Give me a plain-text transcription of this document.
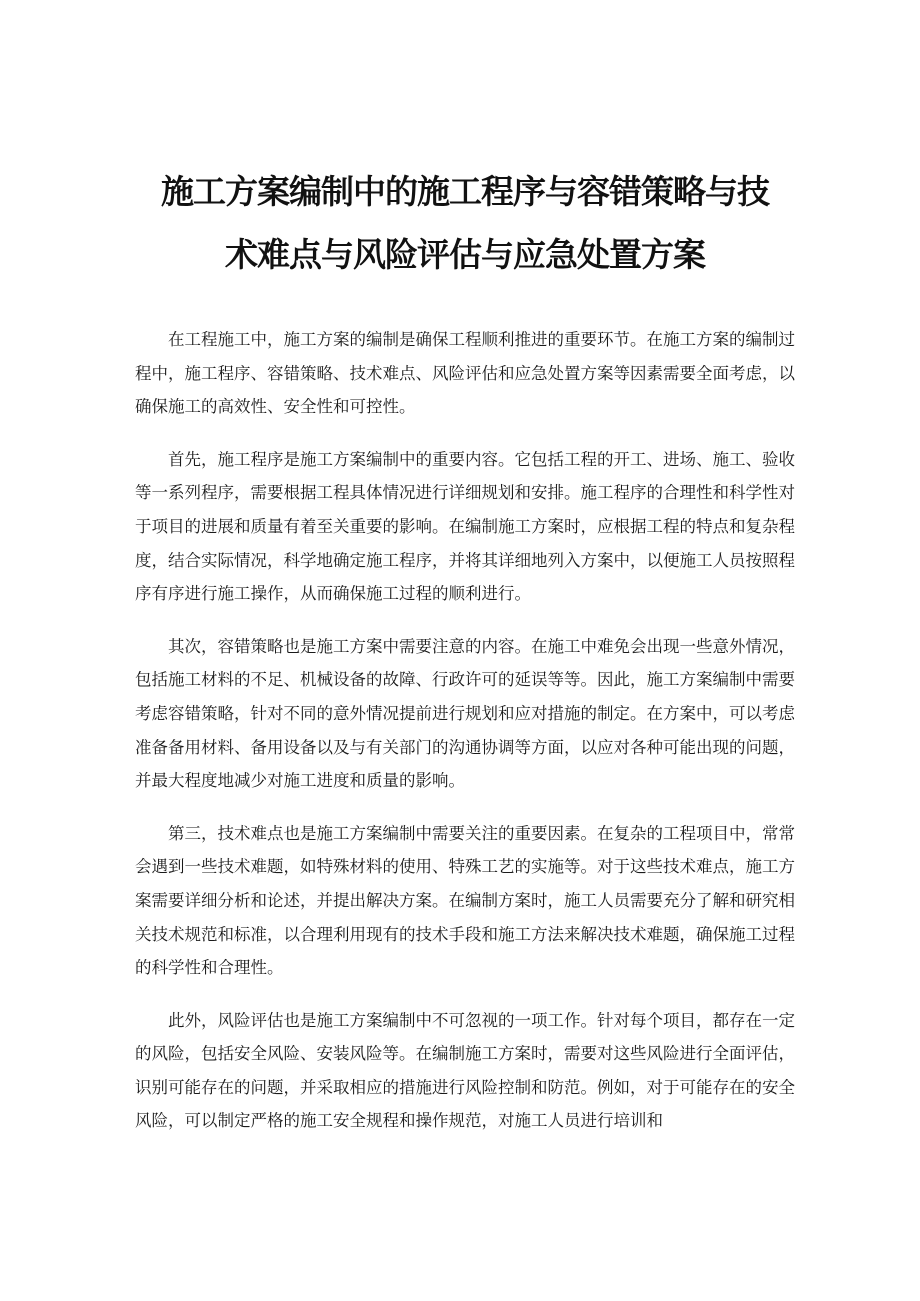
施工方案编制中的施工程序与容错策略与技
术难点与风险评估与应急处置方案

在工程施工中，施工方案的编制是确保工程顺利推进的重要环节。在施工方案的编制过程中，施工程序、容错策略、技术难点、风险评估和应急处置方案等因素需要全面考虑，以确保施工的高效性、安全性和可控性。

首先，施工程序是施工方案编制中的重要内容。它包括工程的开工、进场、施工、验收等一系列程序，需要根据工程具体情况进行详细规划和安排。施工程序的合理性和科学性对于项目的进展和质量有着至关重要的影响。在编制施工方案时，应根据工程的特点和复杂程度，结合实际情况，科学地确定施工程序，并将其详细地列入方案中，以便施工人员按照程序有序进行施工操作，从而确保施工过程的顺利进行。

其次，容错策略也是施工方案中需要注意的内容。在施工中难免会出现一些意外情况，包括施工材料的不足、机械设备的故障、行政许可的延误等等。因此，施工方案编制中需要考虑容错策略，针对不同的意外情况提前进行规划和应对措施的制定。在方案中，可以考虑准备备用材料、备用设备以及与有关部门的沟通协调等方面，以应对各种可能出现的问题，并最大程度地减少对施工进度和质量的影响。

第三，技术难点也是施工方案编制中需要关注的重要因素。在复杂的工程项目中，常常会遇到一些技术难题，如特殊材料的使用、特殊工艺的实施等。对于这些技术难点，施工方案需要详细分析和论述，并提出解决方案。在编制方案时，施工人员需要充分了解和研究相关技术规范和标准，以合理利用现有的技术手段和施工方法来解决技术难题，确保施工过程的科学性和合理性。

此外，风险评估也是施工方案编制中不可忽视的一项工作。针对每个项目，都存在一定的风险，包括安全风险、安装风险等。在编制施工方案时，需要对这些风险进行全面评估，识别可能存在的问题，并采取相应的措施进行风险控制和防范。例如，对于可能存在的安全风险，可以制定严格的施工安全规程和操作规范，对施工人员进行培训和
